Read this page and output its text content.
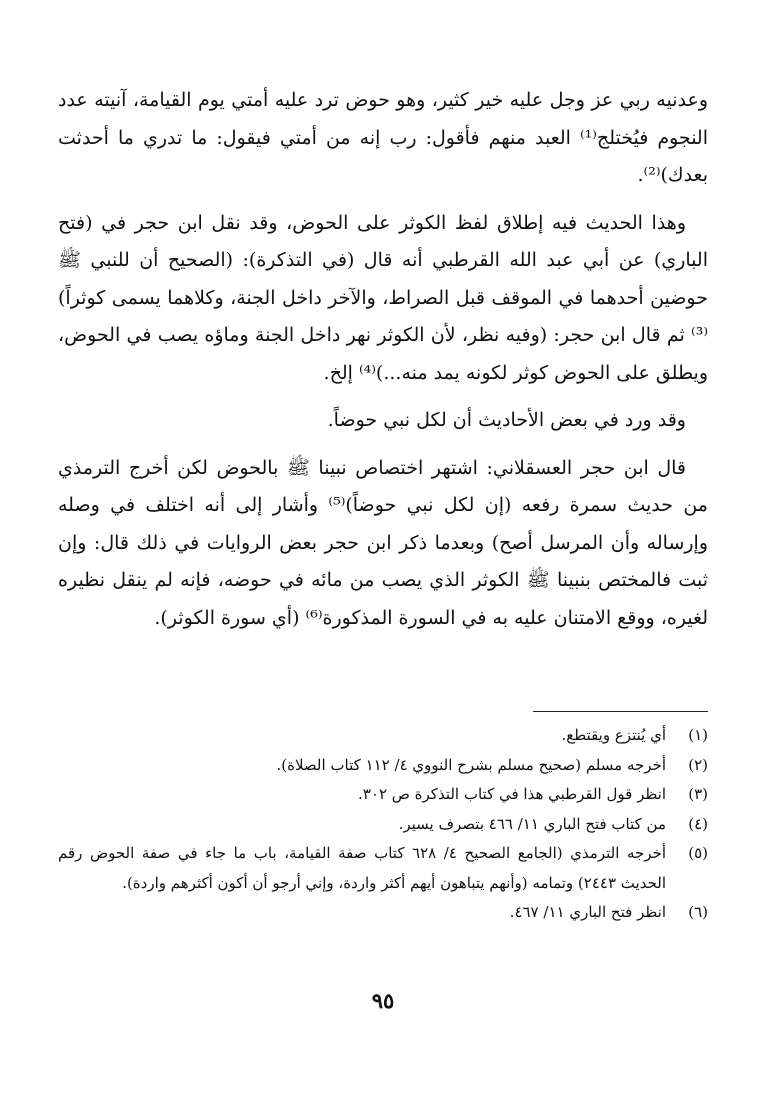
وعدنيه ربي عز وجل عليه خير كثير، وهو حوض ترد عليه أمتي يوم القيامة، آنيته عدد النجوم فيُختلج⁽¹⁾ العبد منهم فأقول: رب إنه من أمتي فيقول: ما تدري ما أحدثت بعدك)⁽²⁾.

وهذا الحديث فيه إطلاق لفظ الكوثر على الحوض، وقد نقل ابن حجر في (فتح الباري) عن أبي عبد الله القرطبي أنه قال (في التذكرة): (الصحيح أن للنبي ﷺ حوضين أحدهما في الموقف قبل الصراط، والآخر داخل الجنة، وكلاهما يسمى كوثراً)⁽³⁾ ثم قال ابن حجر: (وفيه نظر، لأن الكوثر نهر داخل الجنة وماؤه يصب في الحوض، ويطلق على الحوض كوثر لكونه يمد منه...)⁽⁴⁾ إلخ.

وقد ورد في بعض الأحاديث أن لكل نبي حوضاً.

قال ابن حجر العسقلاني: اشتهر اختصاص نبينا ﷺ بالحوض لكن أخرج الترمذي من حديث سمرة رفعه (إن لكل نبي حوضاً)⁽⁵⁾ وأشار إلى أنه اختلف في وصله وإرساله وأن المرسل أصح) وبعدما ذكر ابن حجر بعض الروايات في ذلك قال: وإن ثبت فالمختص بنبينا ﷺ الكوثر الذي يصب من مائه في حوضه، فإنه لم ينقل نظيره لغيره، ووقع الامتنان عليه به في السورة المذكورة⁽⁶⁾ (أي سورة الكوثر).

(١)
أي يُنتزع ويقتطع.
(٢)
أخرجه مسلم (صحيح مسلم بشرح النووي ٤/ ١١٢ كتاب الصلاة).
(٣)
انظر قول القرطبي هذا في كتاب التذكرة ص ٣٠٢.
(٤)
من كتاب فتح الباري ١١/ ٤٦٦ بتصرف يسير.
(٥)
أخرجه الترمذي (الجامع الصحيح ٤/ ٦٢٨ كتاب صفة القيامة، باب ما جاء في صفة الحوض رقم الحديث ٢٤٤٣) وتمامه (وأنهم يتباهون أيهم أكثر واردة، وإني أرجو أن أكون أكثرهم واردة).
(٦)
انظر فتح الباري ١١/ ٤٦٧.
٩٥
